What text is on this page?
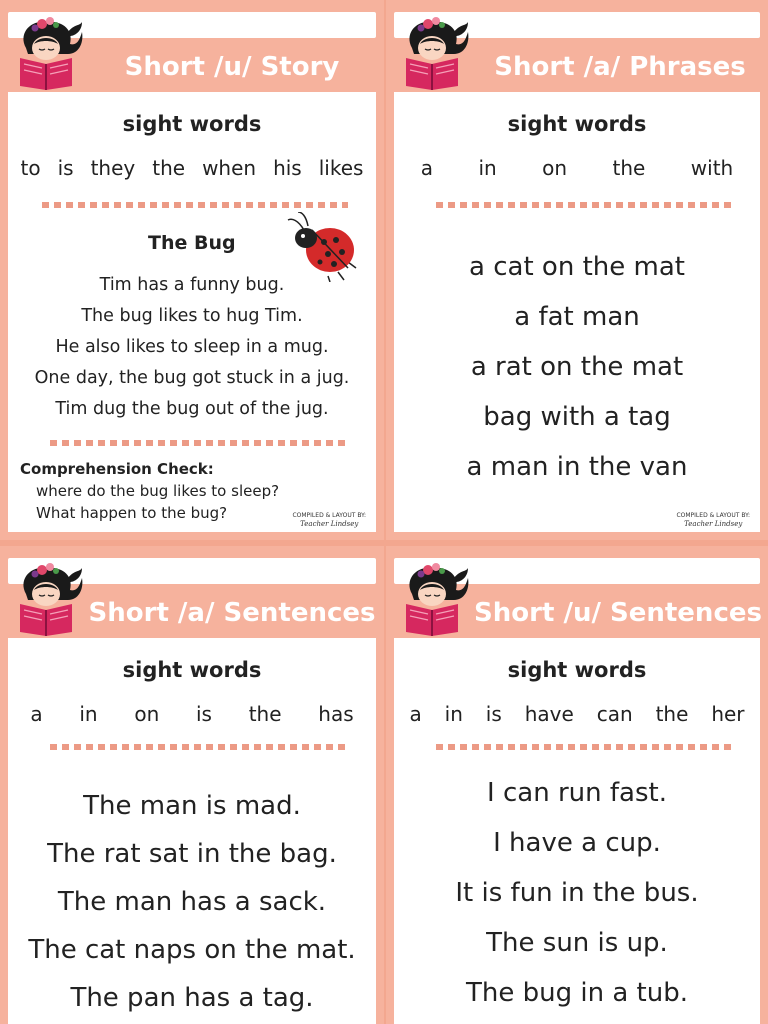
Short /u/ Story
sight words
to is they the when his likes
The Bug
Tim has a funny bug.
The bug likes to hug Tim.
He also likes to sleep in a mug.
One day, the bug got stuck in a jug.
Tim dug the bug out of the jug.
Comprehension Check:
where do the bug likes to sleep?
What happen to the bug?	COMPILED & LAYOUT BY:
Teacher Lindsey
Short /a/ Phrases
sight words
a in on the with
a cat on the mat
a fat man
a rat on the mat
bag with a tag
a man in the van
COMPILED & LAYOUT BY:
Teacher Lindsey
Short /a/ Sentences
sight words
a in on is the has
The man is mad.
The rat sat in the bag.
The man has a sack.
The cat naps on the mat.
The pan has a tag.
Short /u/ Sentences
sight words
a in is have can the her
I can run fast.
I have a cup.
It is fun in the bus.
The sun is up.
The bug in a tub.
